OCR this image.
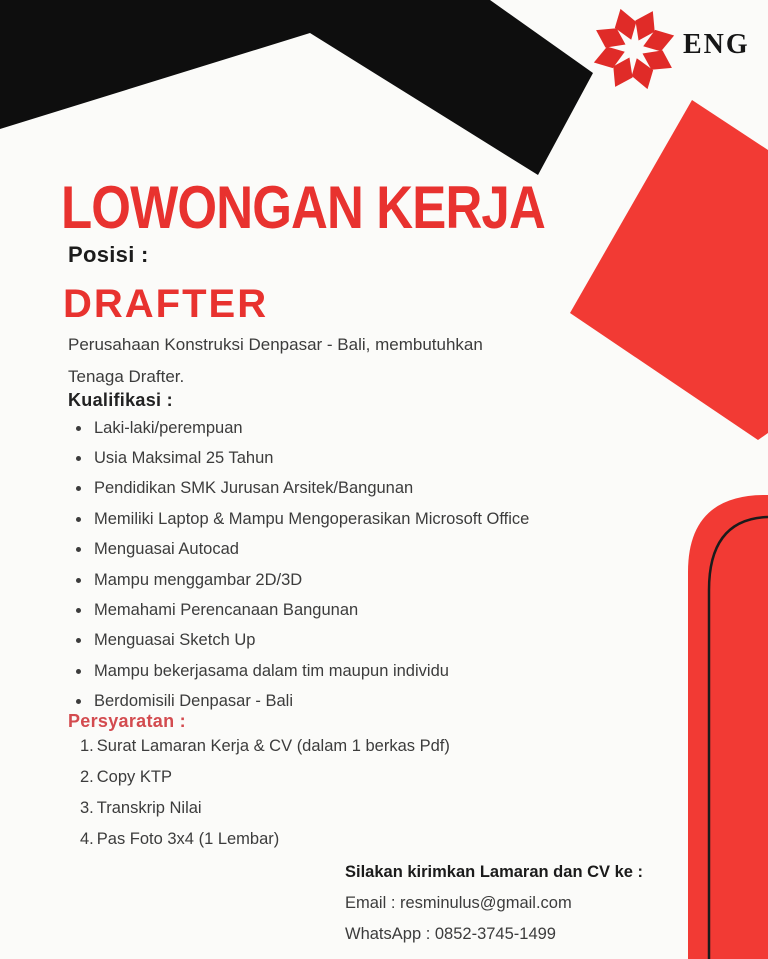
ENG
LOWONGAN KERJA
Posisi :
DRAFTER

Perusahaan Konstruksi Denpasar - Bali, membutuhkan
Tenaga Drafter.

Kualifikasi :
Laki-laki/perempuan
Usia Maksimal 25 Tahun
Pendidikan SMK Jurusan Arsitek/Bangunan
Memiliki Laptop & Mampu Mengoperasikan Microsoft Office
Menguasai Autocad
Mampu menggambar 2D/3D
Memahami Perencanaan Bangunan
Menguasai Sketch Up
Mampu bekerjasama dalam tim maupun individu
Berdomisili Denpasar - Bali
Persyaratan :
1. Surat Lamaran Kerja & CV (dalam 1 berkas Pdf)
2. Copy KTP
3. Transkrip Nilai
4. Pas Foto 3x4 (1 Lembar)
Silakan kirimkan Lamaran dan CV ke :
Email : resminulus@gmail.com
WhatsApp : 0852-3745-1499
